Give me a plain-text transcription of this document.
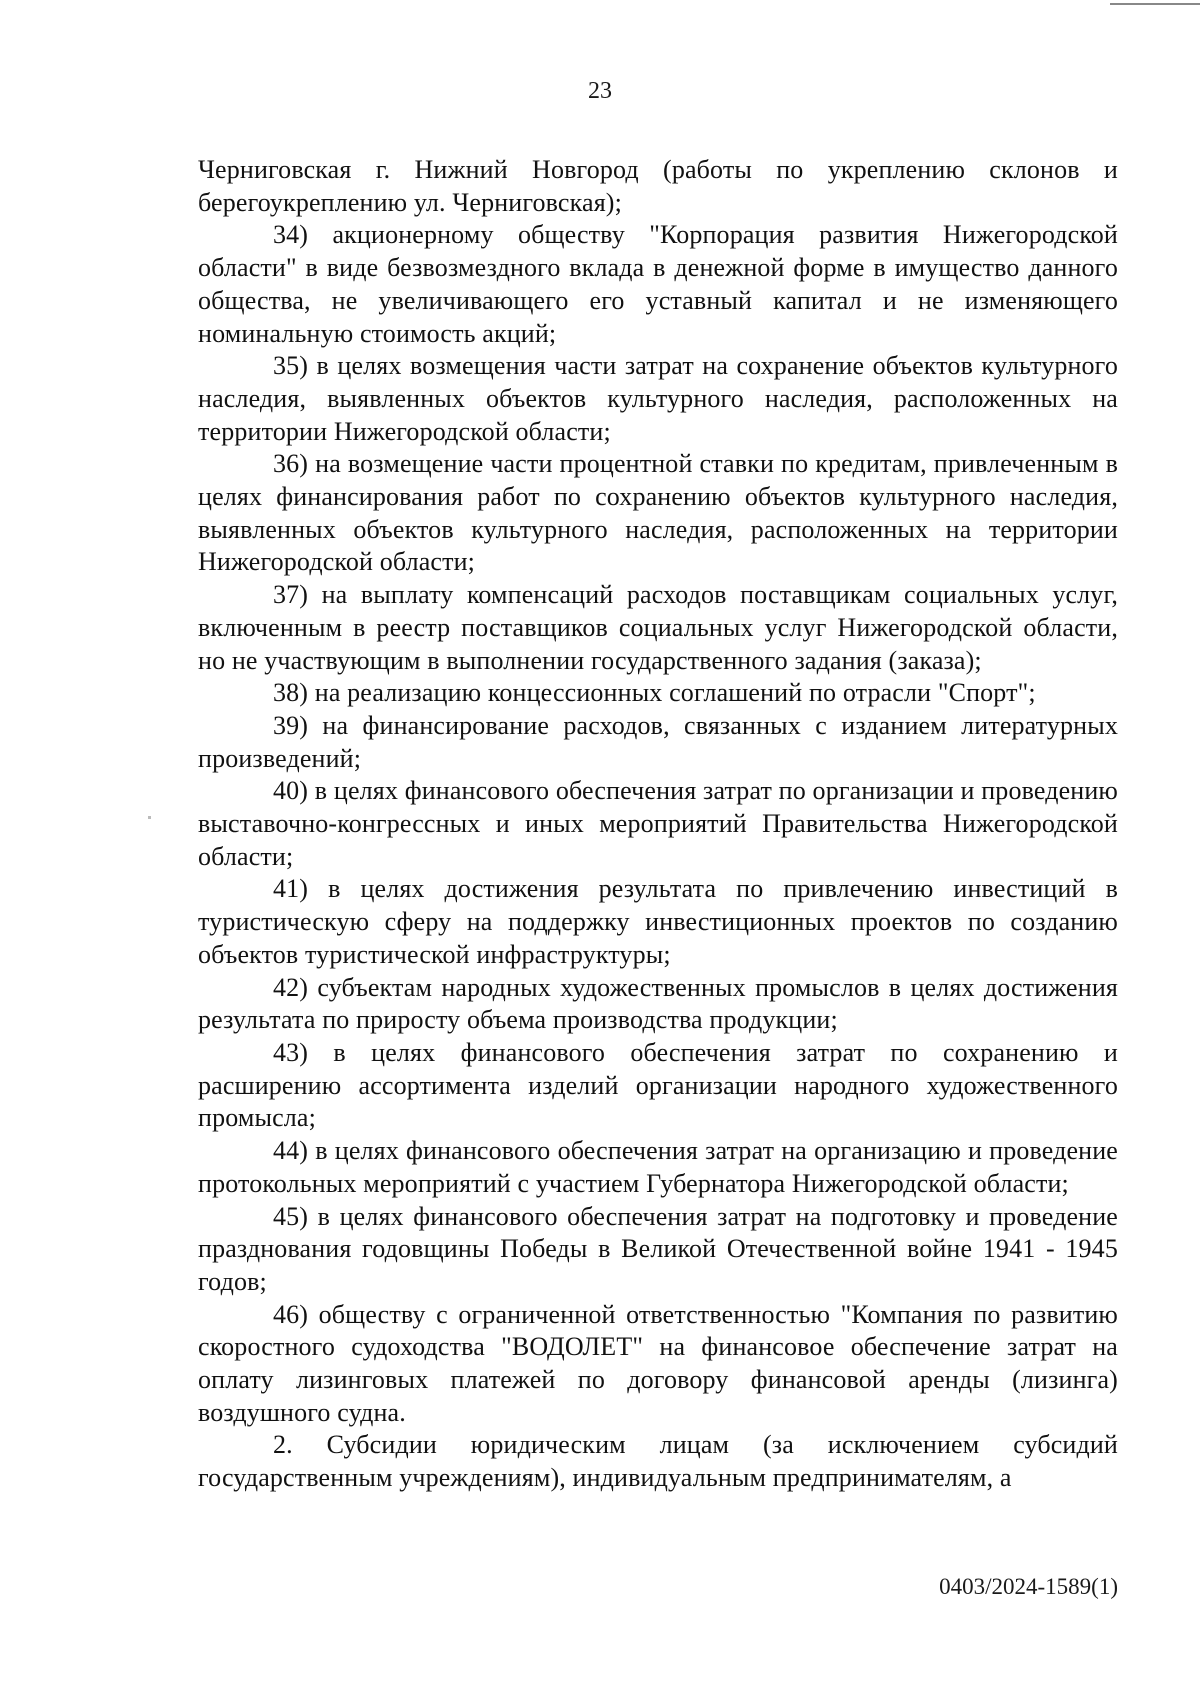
23

Черниговская г. Нижний Новгород (работы по укреплению склонов и берегоукреплению ул. Черниговская);

34) акционерному обществу "Корпорация развития Нижегородской области" в виде безвозмездного вклада в денежной форме в имущество данного общества, не увеличивающего его уставный капитал и не изменяющего номинальную стоимость акций;

35) в целях возмещения части затрат на сохранение объектов культурного наследия, выявленных объектов культурного наследия, расположенных на территории Нижегородской области;

36) на возмещение части процентной ставки по кредитам, привлеченным в целях финансирования работ по сохранению объектов культурного наследия, выявленных объектов культурного наследия, расположенных на территории Нижегородской области;

37) на выплату компенсаций расходов поставщикам социальных услуг, включенным в реестр поставщиков социальных услуг Нижегородской области, но не участвующим в выполнении государственного задания (заказа);

38) на реализацию концессионных соглашений по отрасли "Спорт";

39) на финансирование расходов, связанных с изданием литературных произведений;

40) в целях финансового обеспечения затрат по организации и проведению выставочно-конгрессных и иных мероприятий Правительства Нижегородской области;

41) в целях достижения результата по привлечению инвестиций в туристическую сферу на поддержку инвестиционных проектов по созданию объектов туристической инфраструктуры;

42) субъектам народных художественных промыслов в целях достижения результата по приросту объема производства продукции;

43) в целях финансового обеспечения затрат по сохранению и расширению ассортимента изделий организации народного художественного промысла;

44) в целях финансового обеспечения затрат на организацию и проведение протокольных мероприятий с участием Губернатора Нижегородской области;

45) в целях финансового обеспечения затрат на подготовку и проведение празднования годовщины Победы в Великой Отечественной войне 1941 - 1945 годов;

46) обществу с ограниченной ответственностью "Компания по развитию скоростного судоходства "ВОДОЛЕТ" на финансовое обеспечение затрат на оплату лизинговых платежей по договору финансовой аренды (лизинга) воздушного судна.

2. Субсидии юридическим лицам (за исключением субсидий государственным учреждениям), индивидуальным предпринимателям, а

0403/2024-1589(1)
